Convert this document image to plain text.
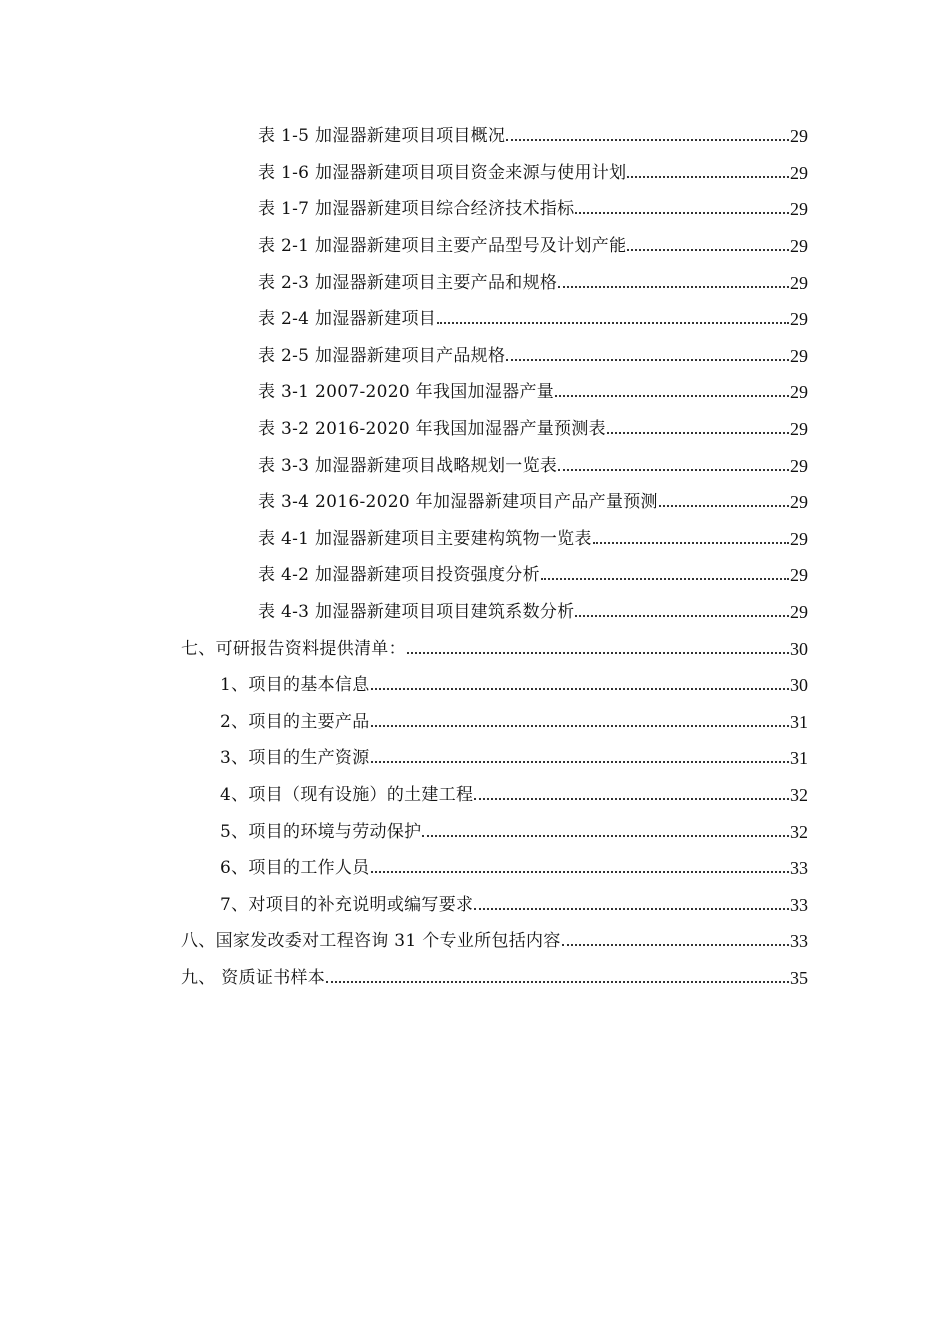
表 1-5 加湿器新建项目项目概况	29
表 1-6 加湿器新建项目项目资金来源与使用计划	29
表 1-7 加湿器新建项目综合经济技术指标	29
表 2-1 加湿器新建项目主要产品型号及计划产能	29
表 2-3 加湿器新建项目主要产品和规格	29
表 2-4 加湿器新建项目	29
表 2-5 加湿器新建项目产品规格	29
表 3-1 2007-2020 年我国加湿器产量	29
表 3-2 2016-2020 年我国加湿器产量预测表	29
表 3-3 加湿器新建项目战略规划一览表	29
表 3-4 2016-2020 年加湿器新建项目产品产量预测	29
表 4-1 加湿器新建项目主要建构筑物一览表	29
表 4-2 加湿器新建项目投资强度分析	29
表 4-3 加湿器新建项目项目建筑系数分析	29
七、可研报告资料提供清单：	30
1、项目的基本信息	30
2、项目的主要产品	31
3、项目的生产资源	31
4、项目（现有设施）的土建工程	32
5、项目的环境与劳动保护	32
6、项目的工作人员	33
7、对项目的补充说明或编写要求	33
八、国家发改委对工程咨询 31 个专业所包括内容	33
九、 资质证书样本	35
